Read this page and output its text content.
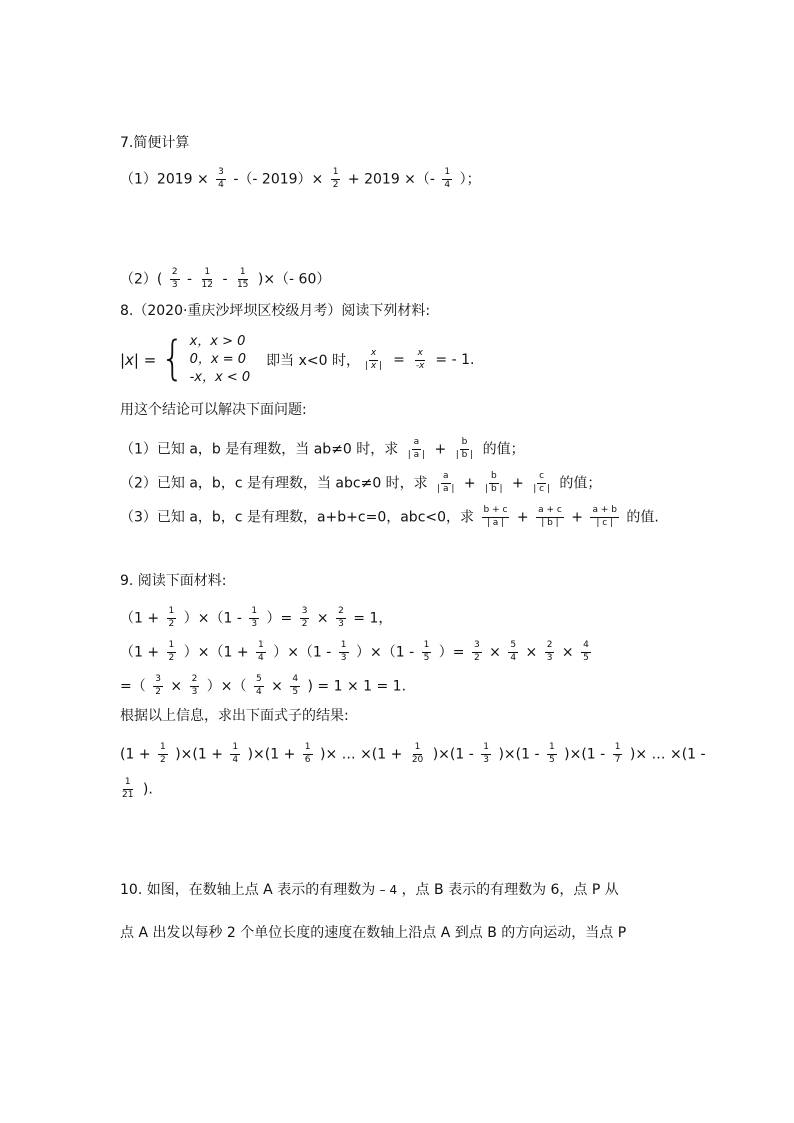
7.简便计算
$(1)2019 \times \frac{3}{4}$ -（- $2019)\times \frac{1}{2} + 2019$ ×（- $\frac{1}{4}$ ）；
$(2)( \frac{2}{3} - \frac{1}{12} - \frac{1}{15}$ )×（- 60）
8.（2020·重庆沙坪坝区校级月考）阅读下列材料:
|x| = { x，x > 0
0，x = 0
-x，x < 0
即当 x<0 时， $\frac{x}{| x |} = \frac{x}{-x}$ = - 1.
用这个结论可以解决下面问题:
（1）已知 a，b 是有理数，当 ab≠0 时，求 $\frac{a}{| a |} + \frac{b}{| b |}$ 的值；
（2）已知 a，b，c 是有理数，当 abc≠0 时，求 $\frac{a}{| a |} + \frac{b}{| b |} + \frac{c}{| c |}$ 的值；
（3）已知 a，b，c 是有理数，a+b+c=0，abc<0，求 $\frac{b + c}{| a |} + \frac{a + c}{| b |} + \frac{a + b}{| c |}$ 的值.
9. 阅读下面材料:
$(1 + \frac{1}{2} )\times(1 - \frac{1}{3}$ ）= $\frac{3}{2} \times \frac{2}{3} = 1$，
$(1 + \frac{1}{2} )\times(1 + \frac{1}{4} )\times(1 - \frac{1}{3} )\times(1 - \frac{1}{5}$ ）= $\frac{3}{2} \times \frac{5}{4} \times \frac{2}{3} \times \frac{4}{5}$
=（ $\frac{3}{2} \times \frac{2}{3}$ ）×（ $\frac{5}{4} \times \frac{4}{5}$ ) = 1 × 1 = 1.
根据以上信息，求出下面式子的结果:
$(1 + \frac{1}{2} )\times(1 + \frac{1}{4} )\times(1 + \frac{1}{6}$ )× … $\times(1 + \frac{1}{20} )\times(1 - \frac{1}{3} )\times(1 - \frac{1}{5} )\times(1 - \frac{1}{7}$ )× … ×(1 -
$\frac{1}{21}$ ).
10. 如图，在数轴上点 A 表示的有理数为 – 4 ，点 B 表示的有理数为 6，点 P 从
点 A 出发以每秒 2 个单位长度的速度在数轴上沿点 A 到点 B 的方向运动，当点 P
